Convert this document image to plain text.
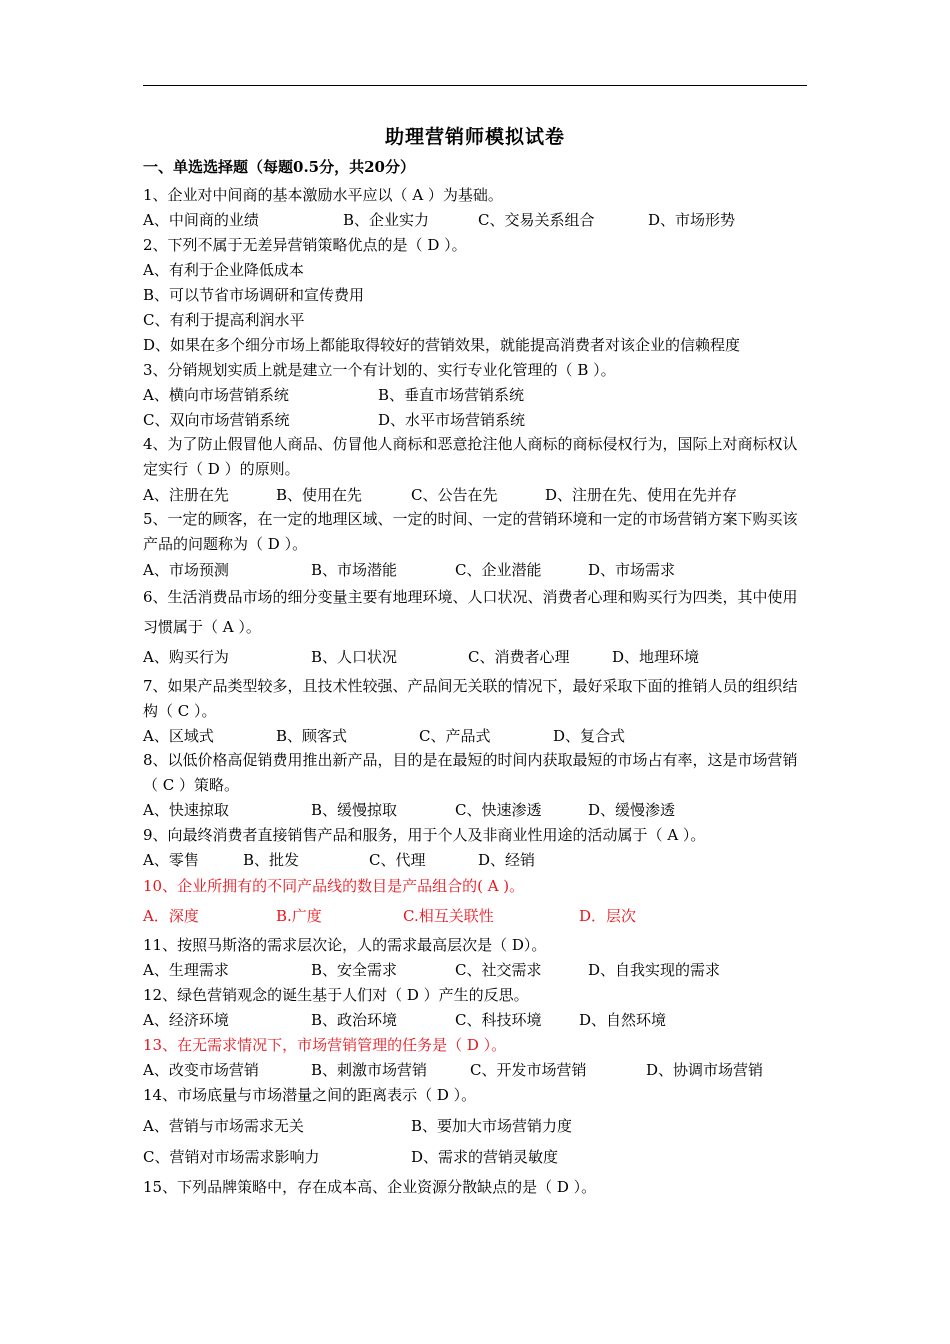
助理营销师模拟试卷
一、单选选择题（每题0.5分，共20分）
1、企业对中间商的基本激励水平应以（ A ）为基础。
A、中间商的业绩	B、企业实力	C、交易关系组合	D、市场形势
2、下列不属于无差异营销策略优点的是（ D ）。
A、有利于企业降低成本
B、可以节省市场调研和宣传费用
C、有利于提高利润水平
D、如果在多个细分市场上都能取得较好的营销效果，就能提高消费者对该企业的信赖程度
3、分销规划实质上就是建立一个有计划的、实行专业化管理的（ B ）。
A、横向市场营销系统	B、垂直市场营销系统
C、双向市场营销系统	D、水平市场营销系统
4、为了防止假冒他人商品、仿冒他人商标和恶意抢注他人商标的商标侵权行为，国际上对商标权认定实行（ D ）的原则。
A、注册在先	B、使用在先	C、公告在先	D、注册在先、使用在先并存
5、一定的顾客，在一定的地理区域、一定的时间、一定的营销环境和一定的市场营销方案下购买该产品的问题称为（ D ）。
A、市场预测	B、市场潜能	C、企业潜能	D、市场需求
6、生活消费品市场的细分变量主要有地理环境、人口状况、消费者心理和购买行为四类，其中使用习惯属于（ A ）。
A、购买行为	B、人口状况	C、消费者心理	D、地理环境
7、如果产品类型较多，且技术性较强、产品间无关联的情况下，最好采取下面的推销人员的组织结构（ C ）。
A、区域式	B、顾客式	C、产品式	D、复合式
8、以低价格高促销费用推出新产品，目的是在最短的时间内获取最短的市场占有率，这是市场营销（ C ）策略。
A、快速掠取	B、缓慢掠取	C、快速渗透	D、缓慢渗透
9、向最终消费者直接销售产品和服务，用于个人及非商业性用途的活动属于（ A ）。
A、零售	B、批发	C、代理	D、经销
10、企业所拥有的不同产品线的数目是产品组合的( A )。
A．深度	B.广度	C.相互关联性	D．层次
11、按照马斯洛的需求层次论，人的需求最高层次是（ D）。
A、生理需求	B、安全需求	C、社交需求	D、自我实现的需求
12、绿色营销观念的诞生基于人们对（ D ）产生的反思。
A、经济环境	B、政治环境	C、科技环境	D、自然环境
13、在无需求情况下，市场营销管理的任务是（ D ）。
A、改变市场营销	B、刺激市场营销	C、开发市场营销	D、协调市场营销
14、市场底量与市场潜量之间的距离表示（ D ）。
A、营销与市场需求无关	B、要加大市场营销力度
C、营销对市场需求影响力	D、需求的营销灵敏度
15、下列品牌策略中，存在成本高、企业资源分散缺点的是（ D ）。
